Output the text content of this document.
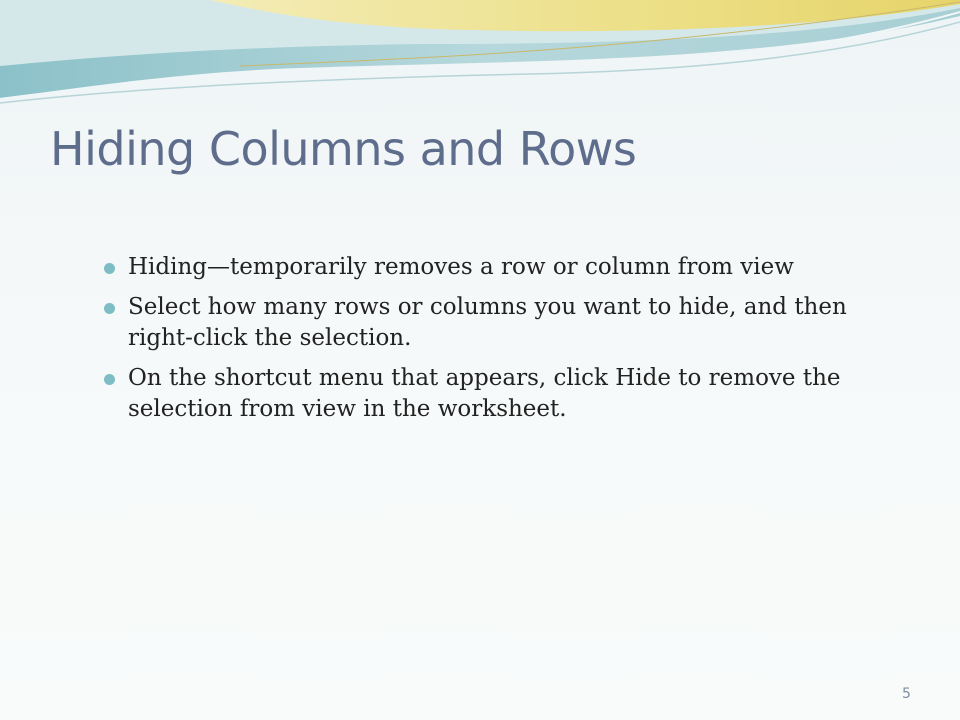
Hiding Columns and Rows
Hiding—temporarily removes a row or column from view
Select how many rows or columns you want to hide, and then right-click the selection.
On the shortcut menu that appears, click Hide to remove the selection from view in the worksheet.
5
